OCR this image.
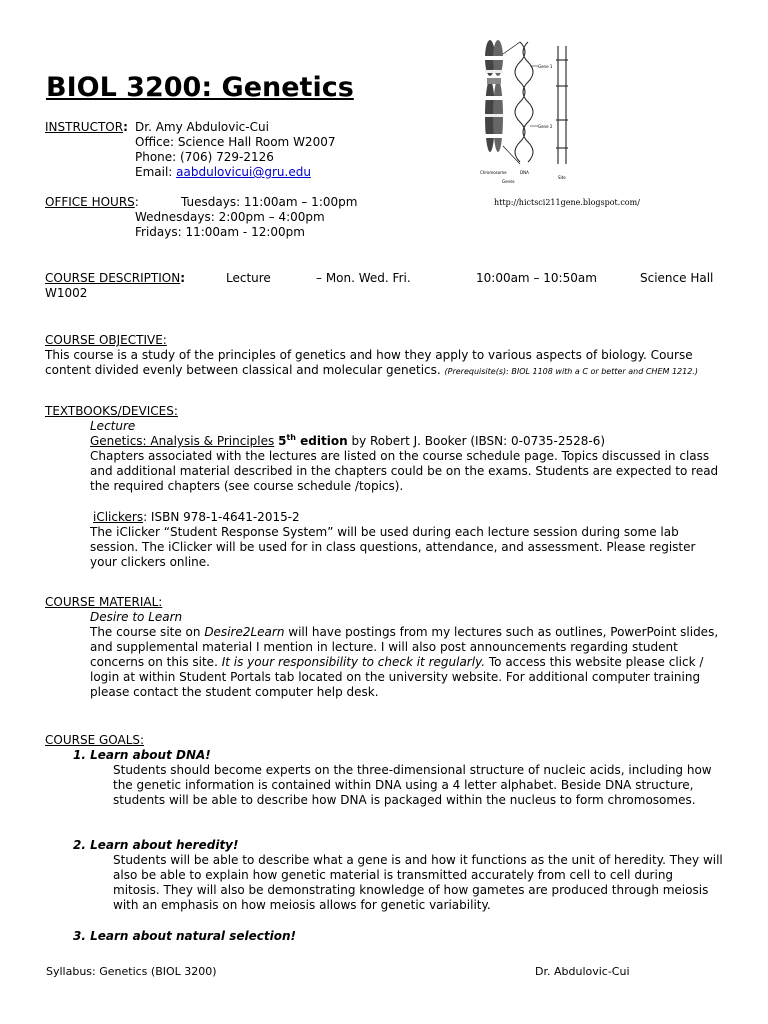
BIOL 3200: Genetics
Gene 1
Gene 2
Chromosome	DNA
Genes
Site
http://hictsci211gene.blogspot.com/
INSTRUCTOR: Dr. Amy Abdulovic-Cui
Office: Science Hall Room W2007
Phone: (706) 729-2126
Email: aabdulovicui@gru.edu
OFFICE HOURS:	Tuesdays: 11:00am – 1:00pm
Wednesdays: 2:00pm – 4:00pm
Fridays: 11:00am - 12:00pm
COURSE DESCRIPTION:	Lecture	– Mon. Wed. Fri.	10:00am – 10:50am	Science Hall
W1002
COURSE OBJECTIVE:
This course is a study of the principles of genetics and how they apply to various aspects of biology. Course content divided evenly between classical and molecular genetics. (Prerequisite(s): BIOL 1108 with a C or better and CHEM 1212.)
TEXTBOOKS/DEVICES:
Lecture
Genetics: Analysis & Principles 5th edition by Robert J. Booker (IBSN: 0-0735-2528-6)
Chapters associated with the lectures are listed on the course schedule page. Topics discussed in class and additional material described in the chapters could be on the exams. Students are expected to read the required chapters (see course schedule /topics).
iClickers: ISBN 978-1-4641-2015-2
The iClicker “Student Response System” will be used during each lecture session during some lab session. The iClicker will be used for in class questions, attendance, and assessment. Please register your clickers online.
COURSE MATERIAL:
Desire to Learn
The course site on Desire2Learn will have postings from my lectures such as outlines, PowerPoint slides, and supplemental material I mention in lecture. I will also post announcements regarding student concerns on this site. It is your responsibility to check it regularly. To access this website please click / login at within Student Portals tab located on the university website. For additional computer training please contact the student computer help desk.
COURSE GOALS:
1. Learn about DNA!
Students should become experts on the three-dimensional structure of nucleic acids, including how the genetic information is contained within DNA using a 4 letter alphabet. Beside DNA structure, students will be able to describe how DNA is packaged within the nucleus to form chromosomes.
2. Learn about heredity!
Students will be able to describe what a gene is and how it functions as the unit of heredity. They will also be able to explain how genetic material is transmitted accurately from cell to cell during mitosis. They will also be demonstrating knowledge of how gametes are produced through meiosis with an emphasis on how meiosis allows for genetic variability.
3. Learn about natural selection!
Syllabus: Genetics (BIOL 3200)	Dr. Abdulovic-Cui
